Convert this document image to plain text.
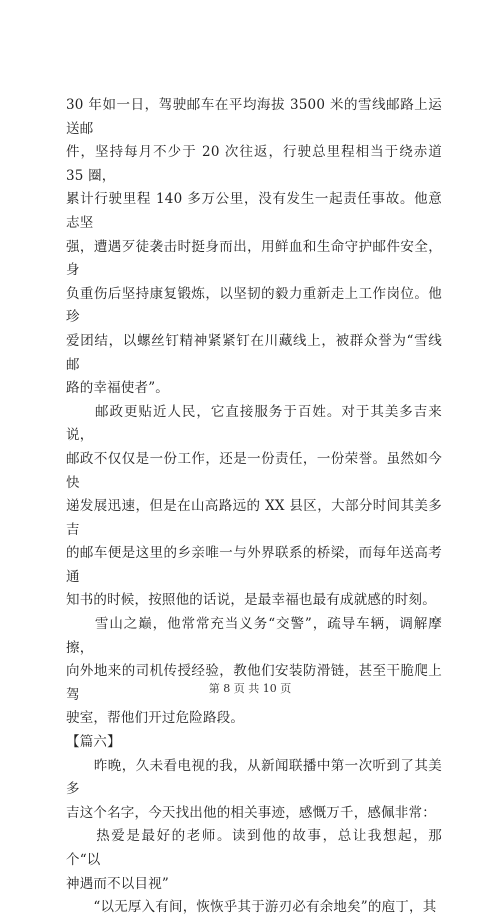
30 年如一日，驾驶邮车在平均海拔 3500 米的雪线邮路上运送邮
件，坚持每月不少于 20 次往返，行驶总里程相当于绕赤道 35 圈，
累计行驶里程 140 多万公里，没有发生一起责任事故。他意志坚
强，遭遇歹徒袭击时挺身而出，用鲜血和生命守护邮件安全，身
负重伤后坚持康复锻炼，以坚韧的毅力重新走上工作岗位。他珍
爱团结，以螺丝钉精神紧紧钉在川藏线上，被群众誉为“雪线邮
路的幸福使者”。

　　邮政更贴近人民，它直接服务于百姓。对于其美多吉来说，
邮政不仅仅是一份工作，还是一份责任，一份荣誉。虽然如今快
递发展迅速，但是在山高路远的 XX 县区，大部分时间其美多吉
的邮车便是这里的乡亲唯一与外界联系的桥梁，而每年送高考通
知书的时候，按照他的话说，是最幸福也最有成就感的时刻。

　　雪山之巅，他常常充当义务“交警”，疏导车辆，调解摩擦，
向外地来的司机传授经验，教他们安装防滑链，甚至干脆爬上驾
驶室，帮他们开过危险路段。

【篇六】

　　昨晚，久未看电视的我，从新闻联播中第一次听到了其美多
吉这个名字，今天找出他的相关事迹，感慨万千，感佩非常：

　　热爱是最好的老师。读到他的故事，总让我想起，那个“以
神遇而不以目视”

　　“以无厚入有间，恢恢乎其于游刃必有余地矣”的庖丁，其

第 8 页 共 10 页
